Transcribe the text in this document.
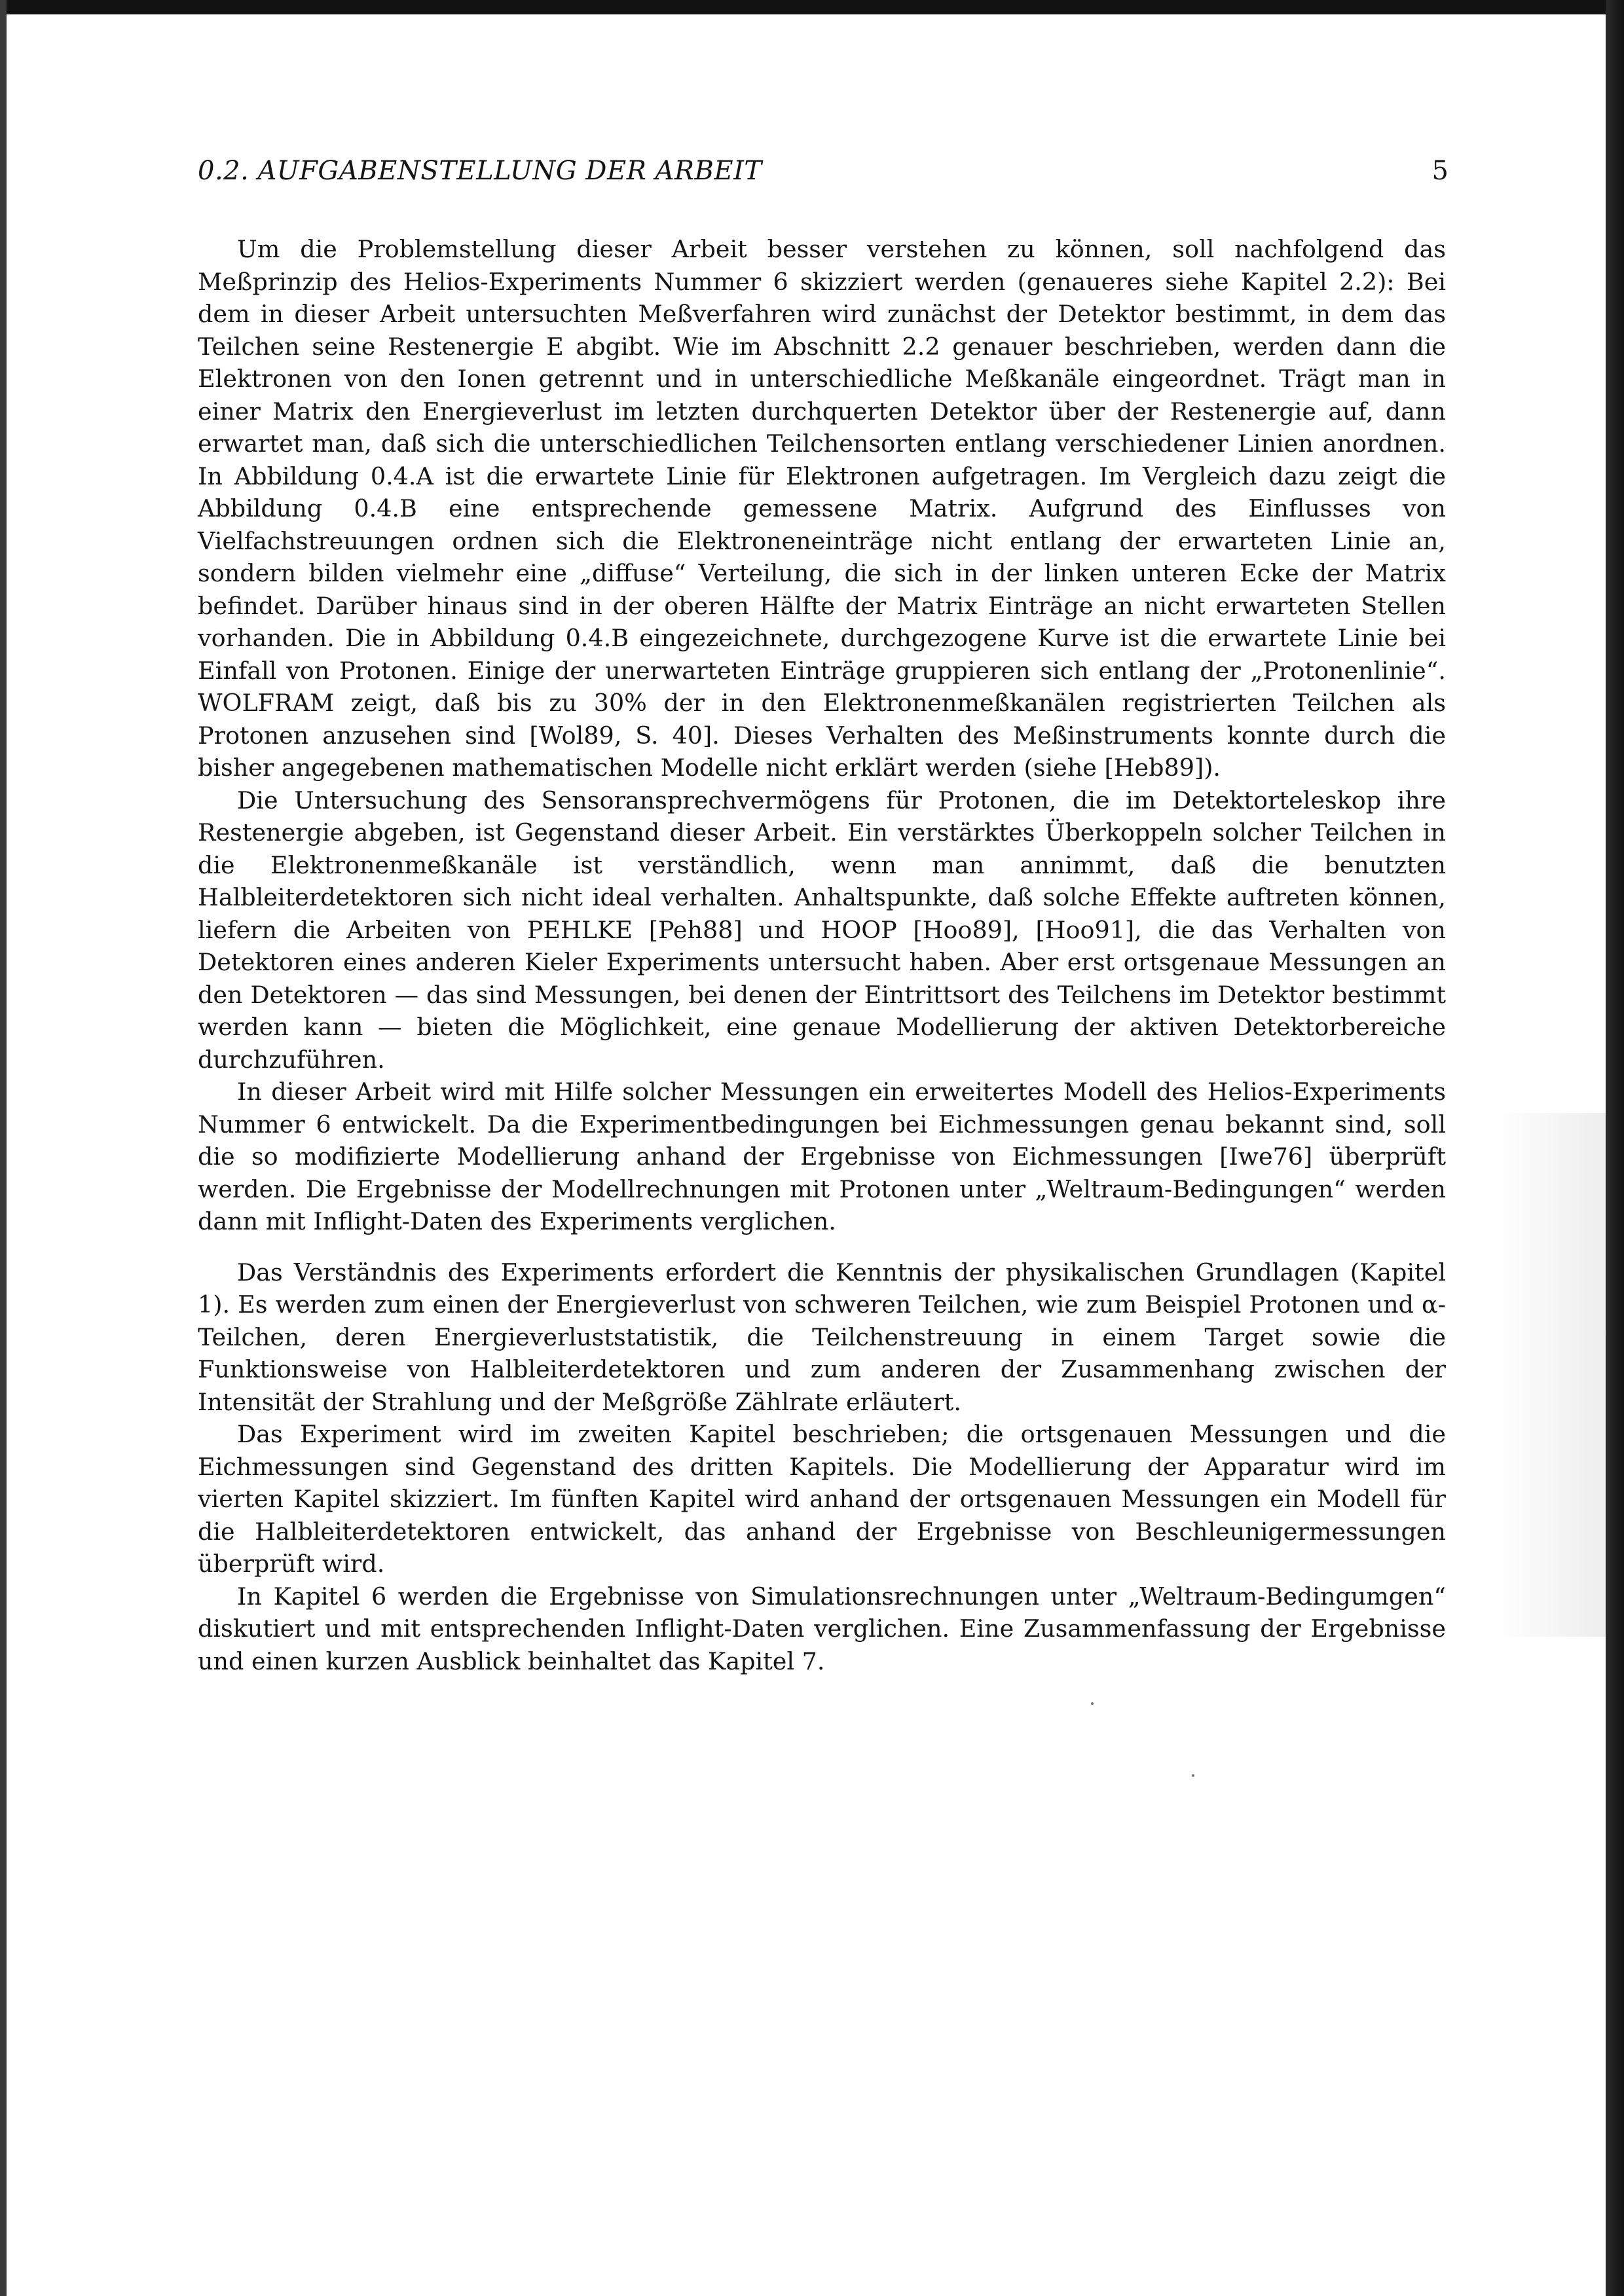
0.2. AUFGABENSTELLUNG DER ARBEIT	5

Um die Problemstellung dieser Arbeit besser verstehen zu können, soll nachfolgend das Meßprinzip des Helios-Experiments Nummer 6 skizziert werden (genaueres siehe Kapitel 2.2): Bei dem in dieser Arbeit untersuchten Meßverfahren wird zunächst der Detektor bestimmt, in dem das Teilchen seine Restenergie E abgibt. Wie im Abschnitt 2.2 genauer beschrieben, werden dann die Elektronen von den Ionen getrennt und in unterschiedliche Meßkanäle eingeordnet. Trägt man in einer Matrix den Energieverlust im letzten durchquerten Detektor über der Restenergie auf, dann erwartet man, daß sich die unterschiedlichen Teilchensorten entlang verschiedener Linien anordnen. In Abbildung 0.4.A ist die erwartete Linie für Elektronen aufgetragen. Im Vergleich dazu zeigt die Abbildung 0.4.B eine entsprechende gemessene Matrix. Aufgrund des Einflusses von Vielfachstreuungen ordnen sich die Elektroneneinträge nicht entlang der erwarteten Linie an, sondern bilden vielmehr eine „diffuse“ Verteilung, die sich in der linken unteren Ecke der Matrix befindet. Darüber hinaus sind in der oberen Hälfte der Matrix Einträge an nicht erwarteten Stellen vorhanden. Die in Abbildung 0.4.B eingezeichnete, durchgezogene Kurve ist die erwartete Linie bei Einfall von Protonen. Einige der unerwarteten Einträge gruppieren sich entlang der „Protonenlinie“. WOLFRAM zeigt, daß bis zu 30% der in den Elektronenmeßkanälen registrierten Teilchen als Protonen anzusehen sind [Wol89, S. 40]. Dieses Verhalten des Meßinstruments konnte durch die bisher angegebenen mathematischen Modelle nicht erklärt werden (siehe [Heb89]).

Die Untersuchung des Sensoransprechvermögens für Protonen, die im Detektorteleskop ihre Restenergie abgeben, ist Gegenstand dieser Arbeit. Ein verstärktes Überkoppeln solcher Teilchen in die Elektronenmeßkanäle ist verständlich, wenn man annimmt, daß die benutzten Halbleiterdetektoren sich nicht ideal verhalten. Anhaltspunkte, daß solche Effekte auftreten können, liefern die Arbeiten von PEHLKE [Peh88] und HOOP [Hoo89], [Hoo91], die das Verhalten von Detektoren eines anderen Kieler Experiments untersucht haben. Aber erst ortsgenaue Messungen an den Detektoren — das sind Messungen, bei denen der Eintrittsort des Teilchens im Detektor bestimmt werden kann — bieten die Möglichkeit, eine genaue Modellierung der aktiven Detektorbereiche durchzuführen.

In dieser Arbeit wird mit Hilfe solcher Messungen ein erweitertes Modell des Helios-Experiments Nummer 6 entwickelt. Da die Experimentbedingungen bei Eichmessungen genau bekannt sind, soll die so modifizierte Modellierung anhand der Ergebnisse von Eichmessungen [Iwe76] überprüft werden. Die Ergebnisse der Modellrechnungen mit Protonen unter „Weltraum-Bedingungen“ werden dann mit Inflight-Daten des Experiments verglichen.

Das Verständnis des Experiments erfordert die Kenntnis der physikalischen Grundlagen (Kapitel 1). Es werden zum einen der Energieverlust von schweren Teilchen, wie zum Beispiel Protonen und α-Teilchen, deren Energieverluststatistik, die Teilchenstreuung in einem Target sowie die Funktionsweise von Halbleiterdetektoren und zum anderen der Zusammenhang zwischen der Intensität der Strahlung und der Meßgröße Zählrate erläutert.

Das Experiment wird im zweiten Kapitel beschrieben; die ortsgenauen Messungen und die Eichmessungen sind Gegenstand des dritten Kapitels. Die Modellierung der Apparatur wird im vierten Kapitel skizziert. Im fünften Kapitel wird anhand der ortsgenauen Messungen ein Modell für die Halbleiterdetektoren entwickelt, das anhand der Ergebnisse von Beschleunigermessungen überprüft wird.

In Kapitel 6 werden die Ergebnisse von Simulationsrechnungen unter „Weltraum-Bedingumgen“ diskutiert und mit entsprechenden Inflight-Daten verglichen. Eine Zusammenfassung der Ergebnisse und einen kurzen Ausblick beinhaltet das Kapitel 7.
